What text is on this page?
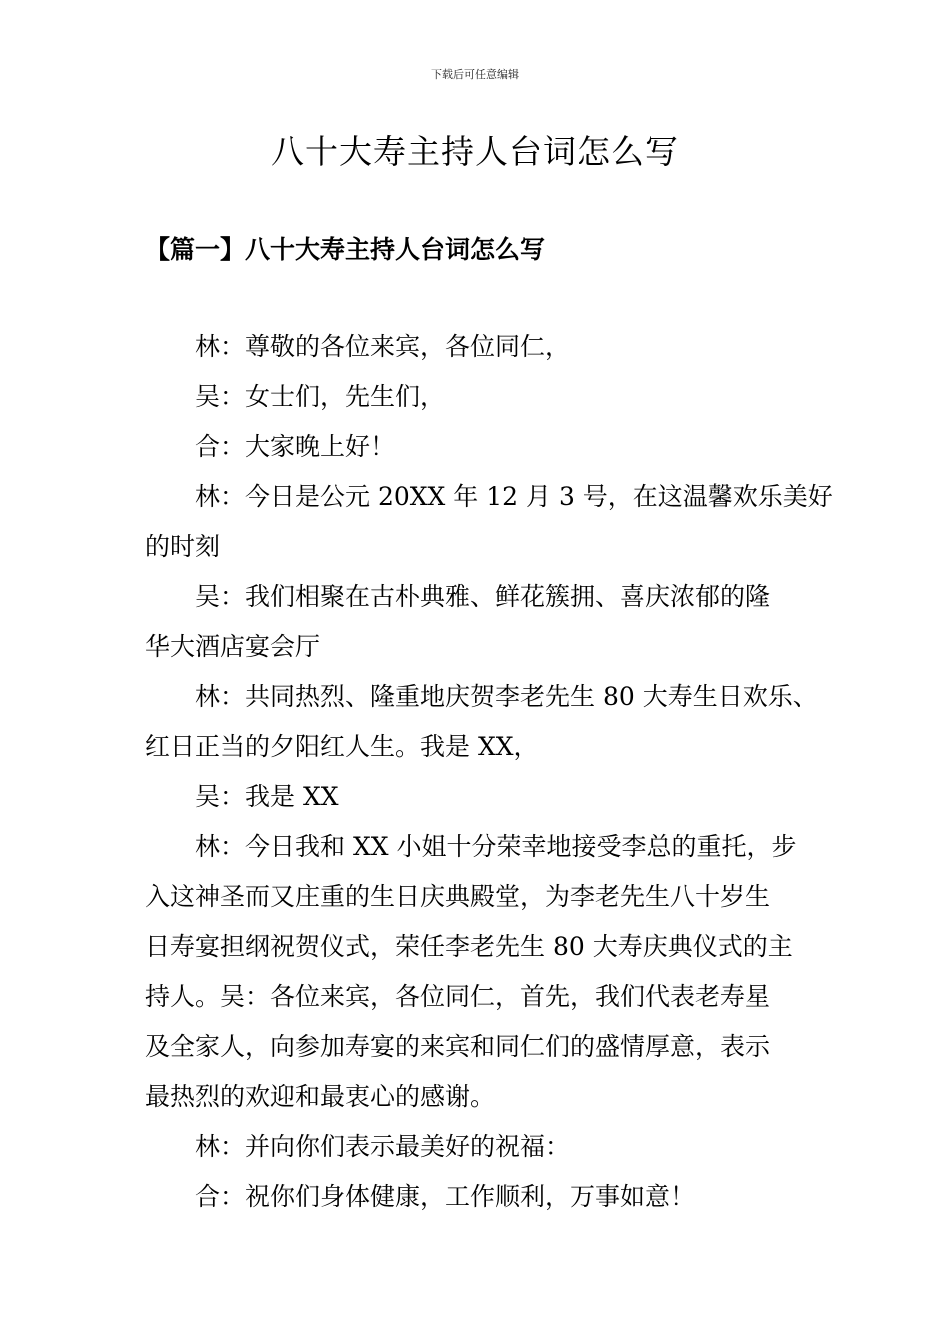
下载后可任意编辑
八十大寿主持人台词怎么写
【篇一】八十大寿主持人台词怎么写
林：尊敬的各位来宾，各位同仁，
吴：女士们，先生们，
合：大家晚上好！
林：今日是公元 20XX 年 12 月 3 号，在这温馨欢乐美好
的时刻
吴：我们相聚在古朴典雅、鲜花簇拥、喜庆浓郁的隆
华大酒店宴会厅
林：共同热烈、隆重地庆贺李老先生 80 大寿生日欢乐、
红日正当的夕阳红人生。我是 XX，
吴：我是 XX
林：今日我和 XX 小姐十分荣幸地接受李总的重托，步
入这神圣而又庄重的生日庆典殿堂，为李老先生八十岁生
日寿宴担纲祝贺仪式，荣任李老先生 80 大寿庆典仪式的主
持人。吴：各位来宾，各位同仁，首先，我们代表老寿星
及全家人，向参加寿宴的来宾和同仁们的盛情厚意，表示
最热烈的欢迎和最衷心的感谢。
林：并向你们表示最美好的祝福：
合：祝你们身体健康，工作顺利，万事如意！
